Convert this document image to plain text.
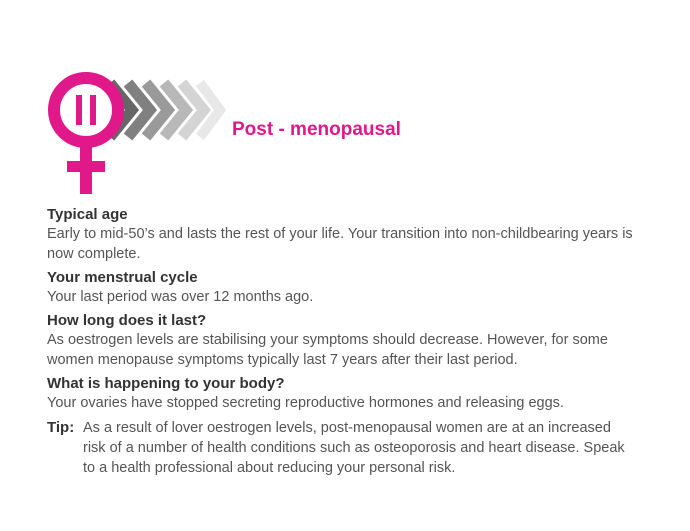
Post - menopausal
Typical age
Early to mid-50’s and lasts the rest of your life. Your transition into non-childbearing years is now complete.
Your menstrual cycle
Your last period was over 12 months ago.
How long does it last?
As oestrogen levels are stabilising your symptoms should decrease. However, for some women menopause symptoms typically last 7 years after their last period.
What is happening to your body?
Your ovaries have stopped secreting reproductive hormones and releasing eggs.
Tip: As a result of lover oestrogen levels, post-menopausal women are at an increased risk of a number of health conditions such as osteoporosis and heart disease. Speak to a health professional about reducing your personal risk.
